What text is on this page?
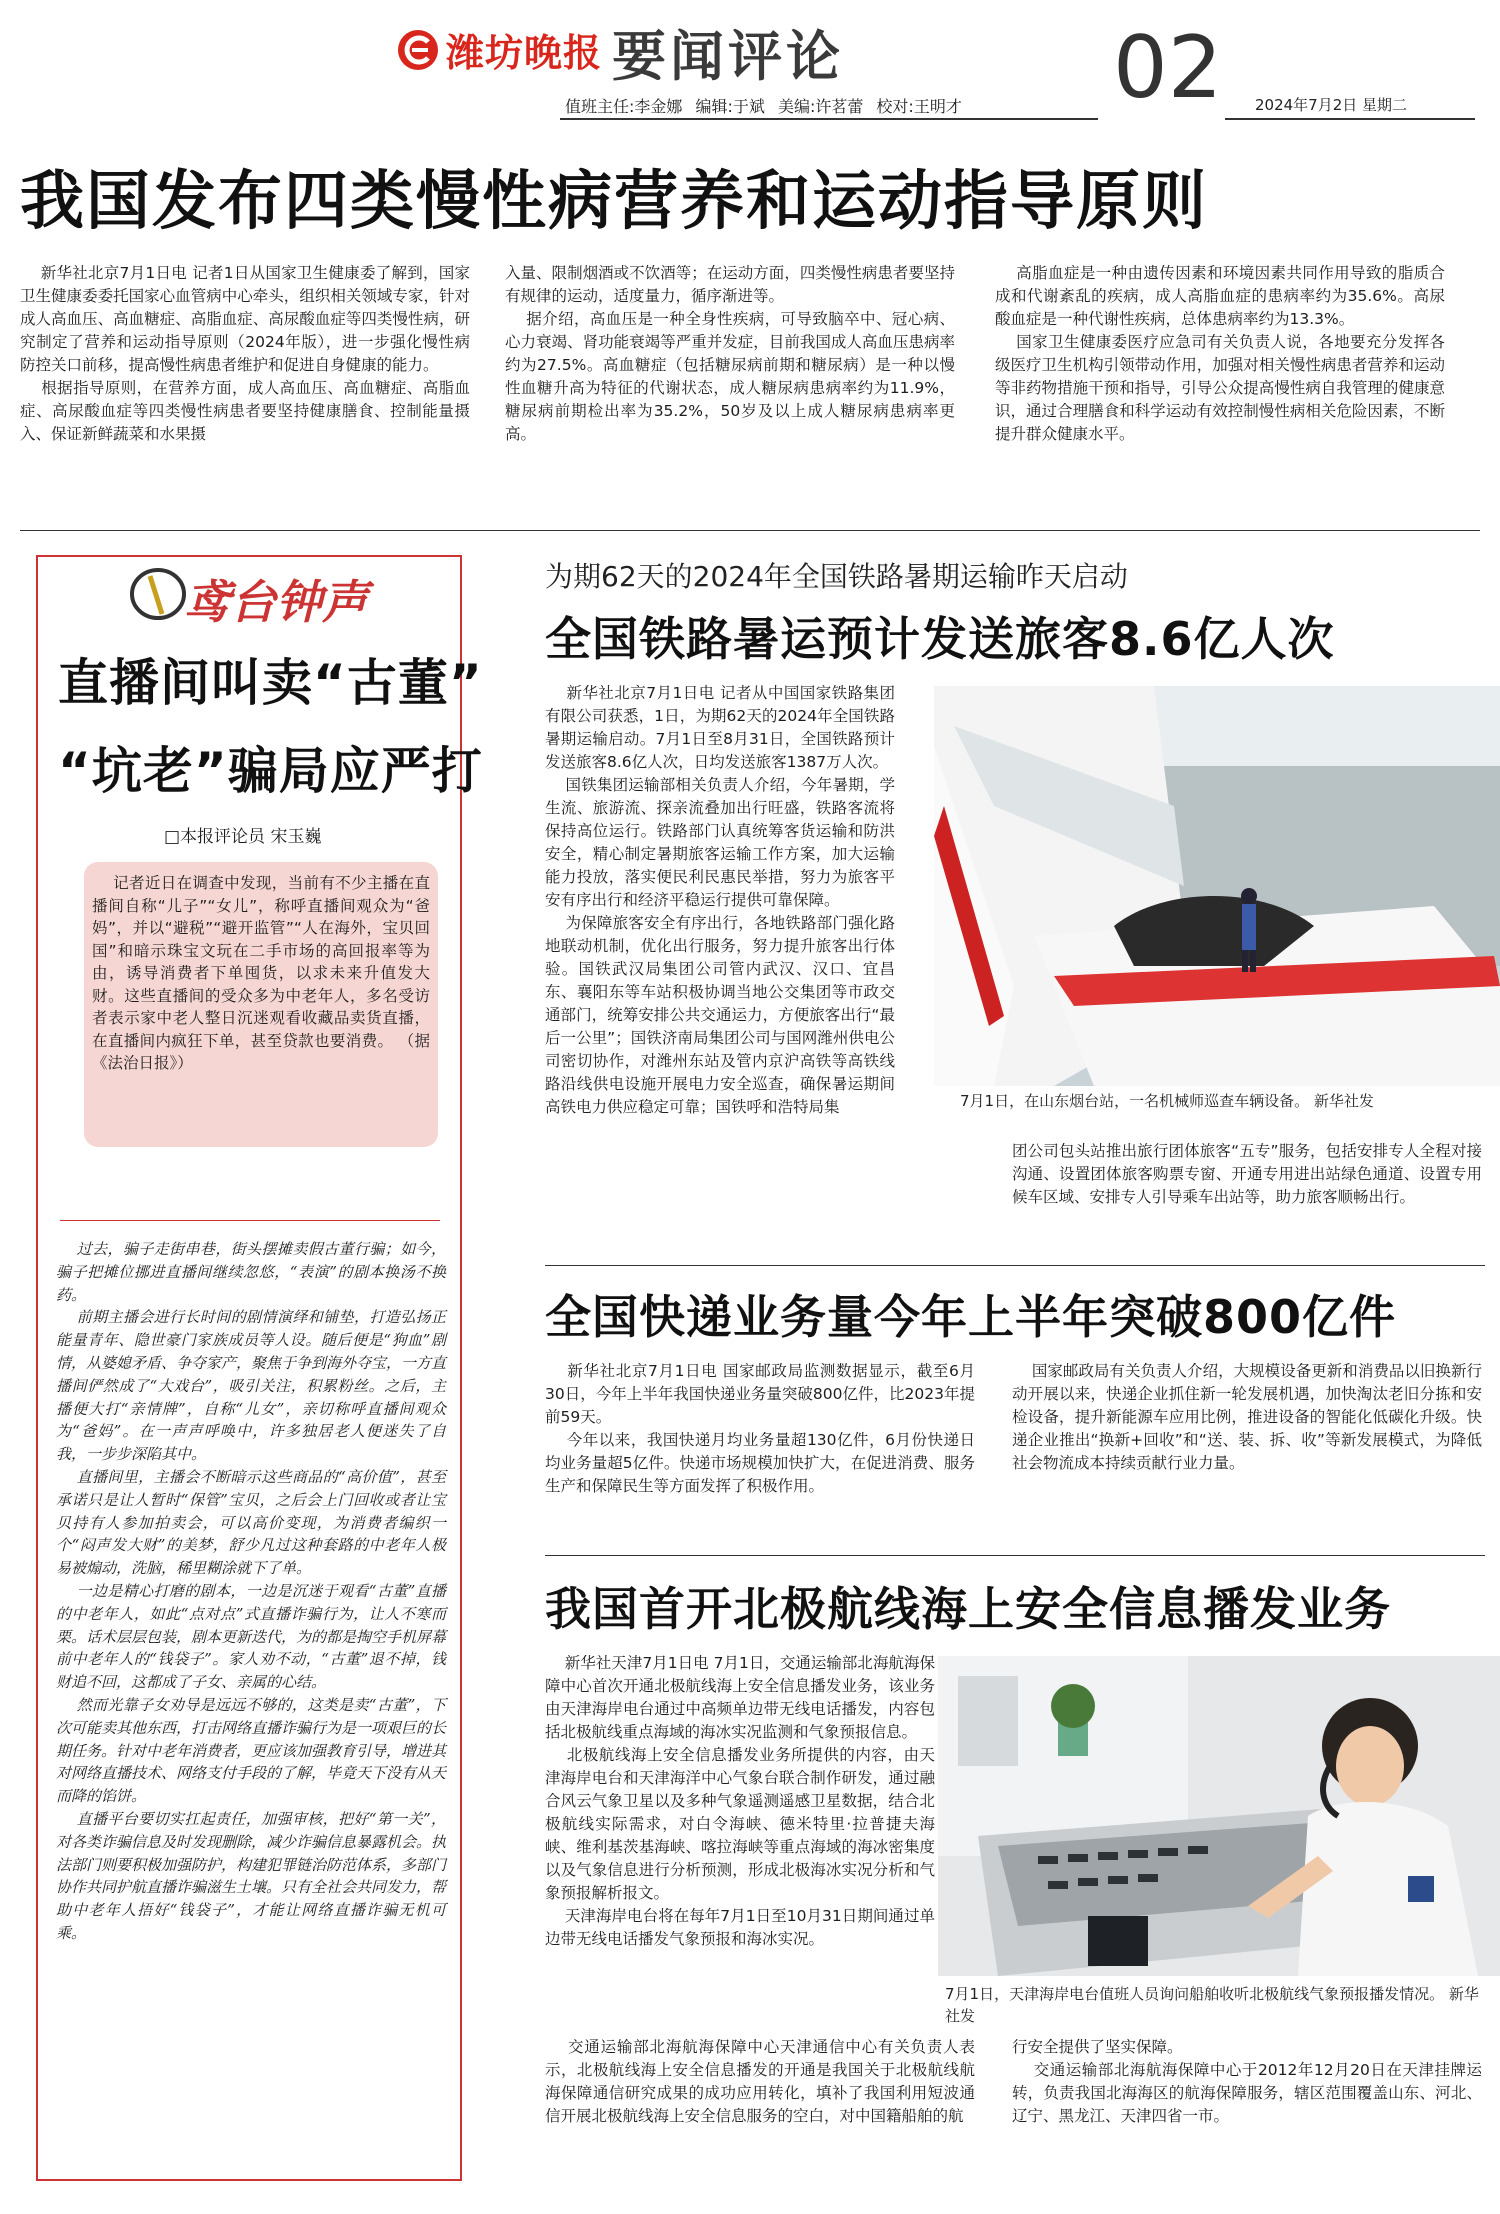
潍坊晚报 要闻评论	02
值班主任:李金娜 编辑:于斌 美编:许茗蕾 校对:王明才	2024年7月2日 星期二
我国发布四类慢性病营养和运动指导原则
新华社北京7月1日电 记者1日从国家卫生健康委了解到，国家卫生健康委委托国家心血管病中心牵头，组织相关领域专家，针对成人高血压、高血糖症、高脂血症、高尿酸血症等四类慢性病，研究制定了营养和运动指导原则（2024年版），进一步强化慢性病防控关口前移，提高慢性病患者维护和促进自身健康的能力。
根据指导原则，在营养方面，成人高血压、高血糖症、高脂血症、高尿酸血症等四类慢性病患者要坚持健康膳食、控制能量摄入、保证新鲜蔬菜和水果摄
入量、限制烟酒或不饮酒等；在运动方面，四类慢性病患者要坚持有规律的运动，适度量力，循序渐进等。
据介绍，高血压是一种全身性疾病，可导致脑卒中、冠心病、心力衰竭、肾功能衰竭等严重并发症，目前我国成人高血压患病率约为27.5%。高血糖症（包括糖尿病前期和糖尿病）是一种以慢性血糖升高为特征的代谢状态，成人糖尿病患病率约为11.9%，糖尿病前期检出率为35.2%，50岁及以上成人糖尿病患病率更高。
高脂血症是一种由遗传因素和环境因素共同作用导致的脂质合成和代谢紊乱的疾病，成人高脂血症的患病率约为35.6%。高尿酸血症是一种代谢性疾病，总体患病率约为13.3%。
国家卫生健康委医疗应急司有关负责人说，各地要充分发挥各级医疗卫生机构引领带动作用，加强对相关慢性病患者营养和运动等非药物措施干预和指导，引导公众提高慢性病自我管理的健康意识，通过合理膳食和科学运动有效控制慢性病相关危险因素，不断提升群众健康水平。
鸢台钟声
直播间叫卖“古董”
“坑老”骗局应严打
□本报评论员 宋玉巍
记者近日在调查中发现，当前有不少主播在直播间自称“儿子”“女儿”，称呼直播间观众为“爸妈”，并以“避税”“避开监管”“人在海外，宝贝回国”和暗示珠宝文玩在二手市场的高回报率等为由，诱导消费者下单囤货，以求未来升值发大财。这些直播间的受众多为中老年人，多名受访者表示家中老人整日沉迷观看收藏品卖货直播，在直播间内疯狂下单，甚至贷款也要消费。 （据《法治日报》）
过去，骗子走街串巷，街头摆摊卖假古董行骗；如今，骗子把摊位挪进直播间继续忽悠，“表演”的剧本换汤不换药。
前期主播会进行长时间的剧情演绎和铺垫，打造弘扬正能量青年、隐世豪门家族成员等人设。随后便是“狗血”剧情，从婆媳矛盾、争夺家产，聚焦于争到海外夺宝，一方直播间俨然成了“大戏台”，吸引关注，积累粉丝。之后，主播便大打“亲情牌”，自称“儿女”，亲切称呼直播间观众为“爸妈”。在一声声呼唤中，许多独居老人便迷失了自我，一步步深陷其中。
直播间里，主播会不断暗示这些商品的“高价值”，甚至承诺只是让人暂时“保管”宝贝，之后会上门回收或者让宝贝持有人参加拍卖会，可以高价变现，为消费者编织一个“闷声发大财”的美梦，舒少凡过这种套路的中老年人极易被煽动，洗脑，稀里糊涂就下了单。
一边是精心打磨的剧本，一边是沉迷于观看“古董”直播的中老年人，如此“点对点”式直播诈骗行为，让人不寒而栗。话术层层包装，剧本更新迭代，为的都是掏空手机屏幕前中老年人的“钱袋子”。家人劝不动，“古董”退不掉，钱财追不回，这都成了子女、亲属的心结。
然而光靠子女劝导是远远不够的，这类是卖“古董”，下次可能卖其他东西，打击网络直播诈骗行为是一项艰巨的长期任务。针对中老年消费者，更应该加强教育引导，增进其对网络直播技术、网络支付手段的了解，毕竟天下没有从天而降的馅饼。
直播平台要切实扛起责任，加强审核，把好“第一关”，对各类诈骗信息及时发现删除，减少诈骗信息暴露机会。执法部门则要积极加强防护，构建犯罪链治防范体系，多部门协作共同护航直播诈骗滋生土壤。只有全社会共同发力，帮助中老年人捂好“钱袋子”，才能让网络直播诈骗无机可乘。
为期62天的2024年全国铁路暑期运输昨天启动
全国铁路暑运预计发送旅客8.6亿人次
新华社北京7月1日电 记者从中国国家铁路集团有限公司获悉，1日，为期62天的2024年全国铁路暑期运输启动。7月1日至8月31日，全国铁路预计发送旅客8.6亿人次，日均发送旅客1387万人次。
国铁集团运输部相关负责人介绍，今年暑期，学生流、旅游流、探亲流叠加出行旺盛，铁路客流将保持高位运行。铁路部门认真统筹客货运输和防洪安全，精心制定暑期旅客运输工作方案，加大运输能力投放，落实便民利民惠民举措，努力为旅客平安有序出行和经济平稳运行提供可靠保障。
为保障旅客安全有序出行，各地铁路部门强化路地联动机制，优化出行服务，努力提升旅客出行体验。国铁武汉局集团公司管内武汉、汉口、宜昌东、襄阳东等车站积极协调当地公交集团等市政交通部门，统筹安排公共交通运力，方便旅客出行“最后一公里”；国铁济南局集团公司与国网潍州供电公司密切协作，对潍州东站及管内京沪高铁等高铁线路沿线供电设施开展电力安全巡查，确保暑运期间高铁电力供应稳定可靠；国铁呼和浩特局集	7月1日，在山东烟台站，一名机械师巡查车辆设备。 新华社发
团公司包头站推出旅行团体旅客“五专”服务，包括安排专人全程对接沟通、设置团体旅客购票专窗、开通专用进出站绿色通道、设置专用候车区域、安排专人引导乘车出站等，助力旅客顺畅出行。
全国快递业务量今年上半年突破800亿件
新华社北京7月1日电 国家邮政局监测数据显示，截至6月30日，今年上半年我国快递业务量突破800亿件，比2023年提前59天。
今年以来，我国快递月均业务量超130亿件，6月份快递日均业务量超5亿件。快递市场规模加快扩大，在促进消费、服务生产和保障民生等方面发挥了积极作用。
国家邮政局有关负责人介绍，大规模设备更新和消费品以旧换新行动开展以来，快递企业抓住新一轮发展机遇，加快淘汰老旧分拣和安检设备，提升新能源车应用比例，推进设备的智能化低碳化升级。快递企业推出“换新+回收”和“送、装、拆、收”等新发展模式，为降低社会物流成本持续贡献行业力量。
我国首开北极航线海上安全信息播发业务
新华社天津7月1日电 7月1日，交通运输部北海航海保障中心首次开通北极航线海上安全信息播发业务，该业务由天津海岸电台通过中高频单边带无线电话播发，内容包括北极航线重点海域的海冰实况监测和气象预报信息。
北极航线海上安全信息播发业务所提供的内容，由天津海岸电台和天津海洋中心气象台联合制作研发，通过融合风云气象卫星以及多种气象遥测遥感卫星数据，结合北极航线实际需求，对白令海峡、德米特里·拉普捷夫海峡、维利基茨基海峡、喀拉海峡等重点海域的海冰密集度以及气象信息进行分析预测，形成北极海冰实况分析和气象预报解析报文。
天津海岸电台将在每年7月1日至10月31日期间通过单边带无线电话播发气象预报和海冰实况。
7月1日，天津海岸电台值班人员询问船舶收听北极航线气象预报播发情况。 新华社发
交通运输部北海航海保障中心天津通信中心有关负责人表示，北极航线海上安全信息播发的开通是我国关于北极航线航海保障通信研究成果的成功应用转化，填补了我国利用短波通信开展北极航线海上安全信息服务的空白，对中国籍船舶的航
行安全提供了坚实保障。
交通运输部北海航海保障中心于2012年12月20日在天津挂牌运转，负责我国北海海区的航海保障服务，辖区范围覆盖山东、河北、辽宁、黑龙江、天津四省一市。
